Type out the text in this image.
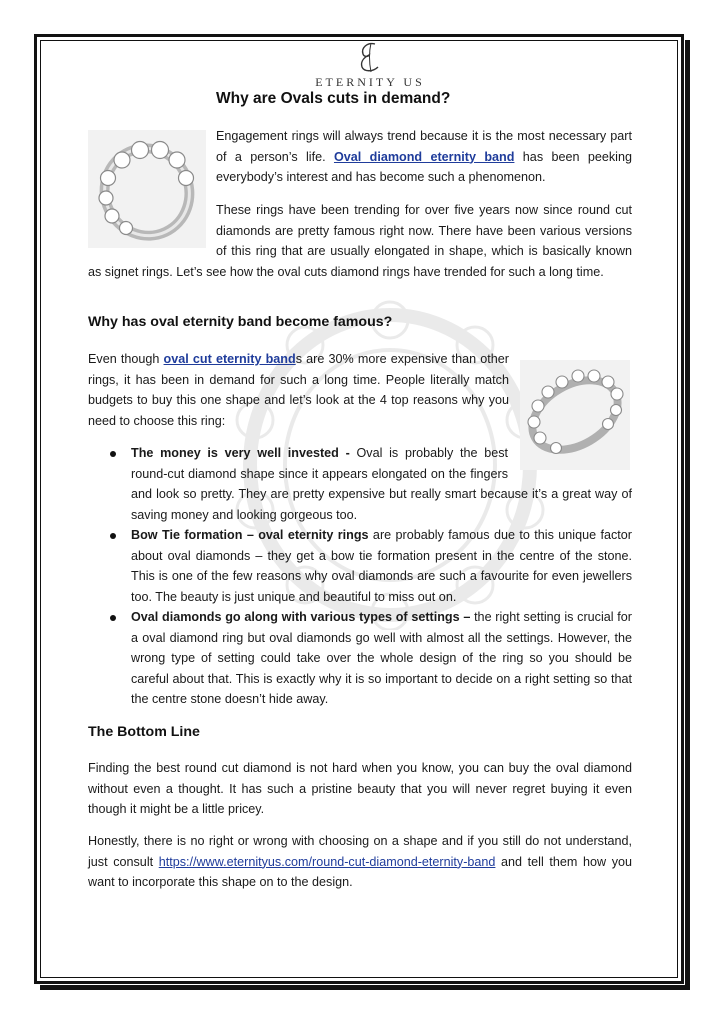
ETERNITY US
Why are Ovals cuts in demand?
Engagement rings will always trend because it is the most necessary part of a person’s life. Oval diamond eternity band has been peeking everybody’s interest and has become such a phenomenon.
These rings have been trending for over five years now since round cut diamonds are pretty famous right now. There have been various versions of this ring that are usually elongated in shape, which is basically known as signet rings. Let’s see how the oval cuts diamond rings have trended for such a long time.
Why has oval eternity band become famous?
Even though oval cut eternity bands are 30% more expensive than other rings, it has been in demand for such a long time. People literally match budgets to buy this one shape and let’s look at the 4 top reasons why you need to choose this ring:
The money is very well invested - Oval is probably the best round-cut diamond shape since it appears elongated on the fingers and look so pretty. They are pretty expensive but really smart because it’s a great way of saving money and looking gorgeous too.
Bow Tie formation – oval eternity rings are probably famous due to this unique factor about oval diamonds – they get a bow tie formation present in the centre of the stone. This is one of the few reasons why oval diamonds are such a favourite for even jewellers too. The beauty is just unique and beautiful to miss out on.
Oval diamonds go along with various types of settings – the right setting is crucial for a oval diamond ring but oval diamonds go well with almost all the settings. However, the wrong type of setting could take over the whole design of the ring so you should be careful about that. This is exactly why it is so important to decide on a right setting so that the centre stone doesn’t hide away.
The Bottom Line
Finding the best round cut diamond is not hard when you know, you can buy the oval diamond without even a thought. It has such a pristine beauty that you will never regret buying it even though it might be a little pricey.
Honestly, there is no right or wrong with choosing on a shape and if you still do not understand, just consult https://www.eternityus.com/round-cut-diamond-eternity-band and tell them how you want to incorporate this shape on to the design.
